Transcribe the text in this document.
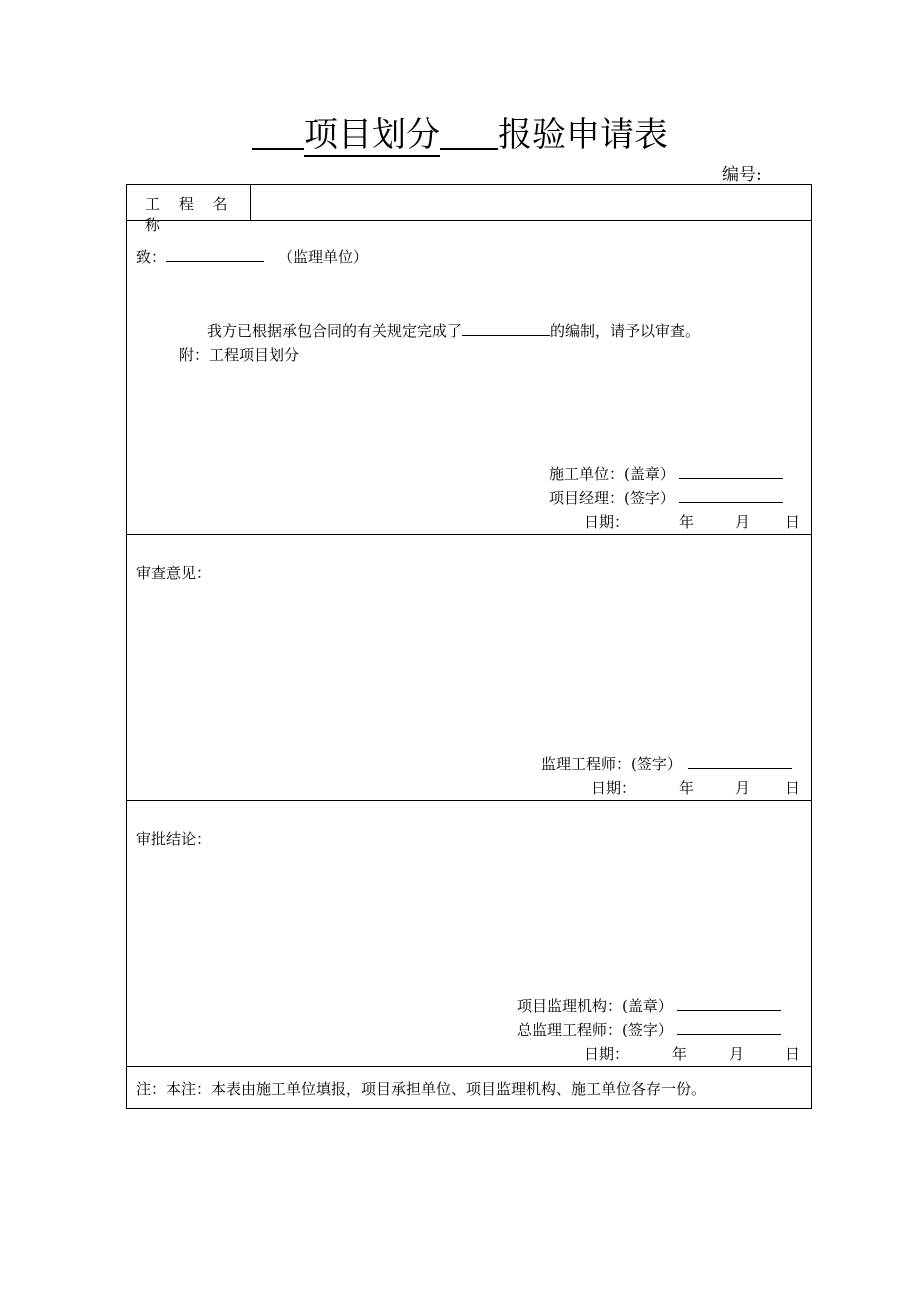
项目划分 报验申请表
编号:
工 程 名 称
致：	（监理单位）
我方已根据承包合同的有关规定完成了	的编制，请予以审查。
附：工程项目划分
施工单位：(盖章）
项目经理：(签字）
日期：	年	月 日
审查意见：
监理工程师：(签字）
日期：	年	月 日
审批结论：
项目监理机构：(盖章）
总监理工程师：(签字）
日期：	年	月	日
注：本注：本表由施工单位填报，项目承担单位、项目监理机构、施工单位各存一份。
